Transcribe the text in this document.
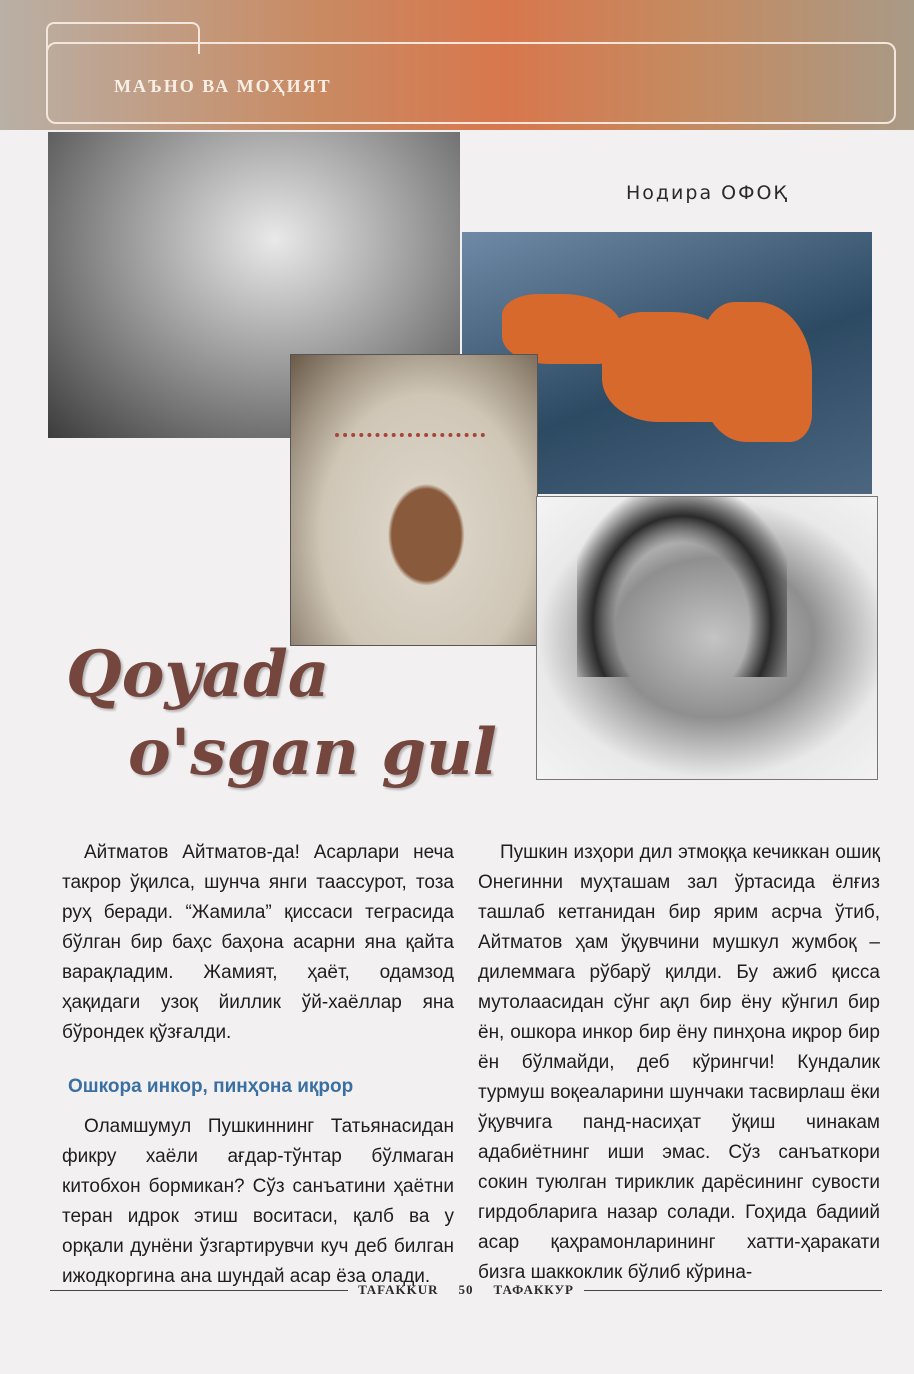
МАЪНО ВА МОҲИЯТ
Нодира ОФОҚ
Qoyada
o'sgan gul

Айтматов Айтматов-да! Асарлари неча такрор ўқилса, шунча янги таассурот, тоза руҳ беради. “Жамила” қиссаси теграсида бўлган бир баҳс баҳона асарни яна қайта варақладим. Жамият, ҳаёт, одамзод ҳақидаги узоқ йиллик ўй-хаёллар яна бўрондек қўзғалди.

Ошкора инкор, пинҳона иқрор

Оламшумул Пушкиннинг Татьянасидан фикру хаёли ағдар-тўнтар бўлмаган китобхон бормикан? Сўз санъатини ҳаётни теран идрок этиш воситаси, қалб ва у орқали дунёни ўзгартирувчи куч деб билган ижодкоргина ана шундай асар ёза олади.

Пушкин изҳори дил этмоққа кечиккан ошиқ Онегинни муҳташам зал ўртасида ёлғиз ташлаб кетганидан бир ярим асрча ўтиб, Айтматов ҳам ўқувчини мушкул жумбоқ – дилеммага рўбарў қилди. Бу ажиб қисса мутолаасидан сўнг ақл бир ёну кўнгил бир ён, ошкора инкор бир ёну пинҳона иқрор бир ён бўлмайди, деб кўрингчи! Кундалик турмуш воқеаларини шунчаки тасвирлаш ёки ўқувчига панд-насиҳат ўқиш чинакам адабиётнинг иши эмас. Сўз санъаткори сокин туюлган тириклик дарёсининг сувости гирдобларига назар солади. Гоҳида бадиий асар қаҳрамонларининг хатти-ҳаракати бизга шаккоклик бўлиб кўрина-

TAFAKKUR	50	ТАФАККУР
